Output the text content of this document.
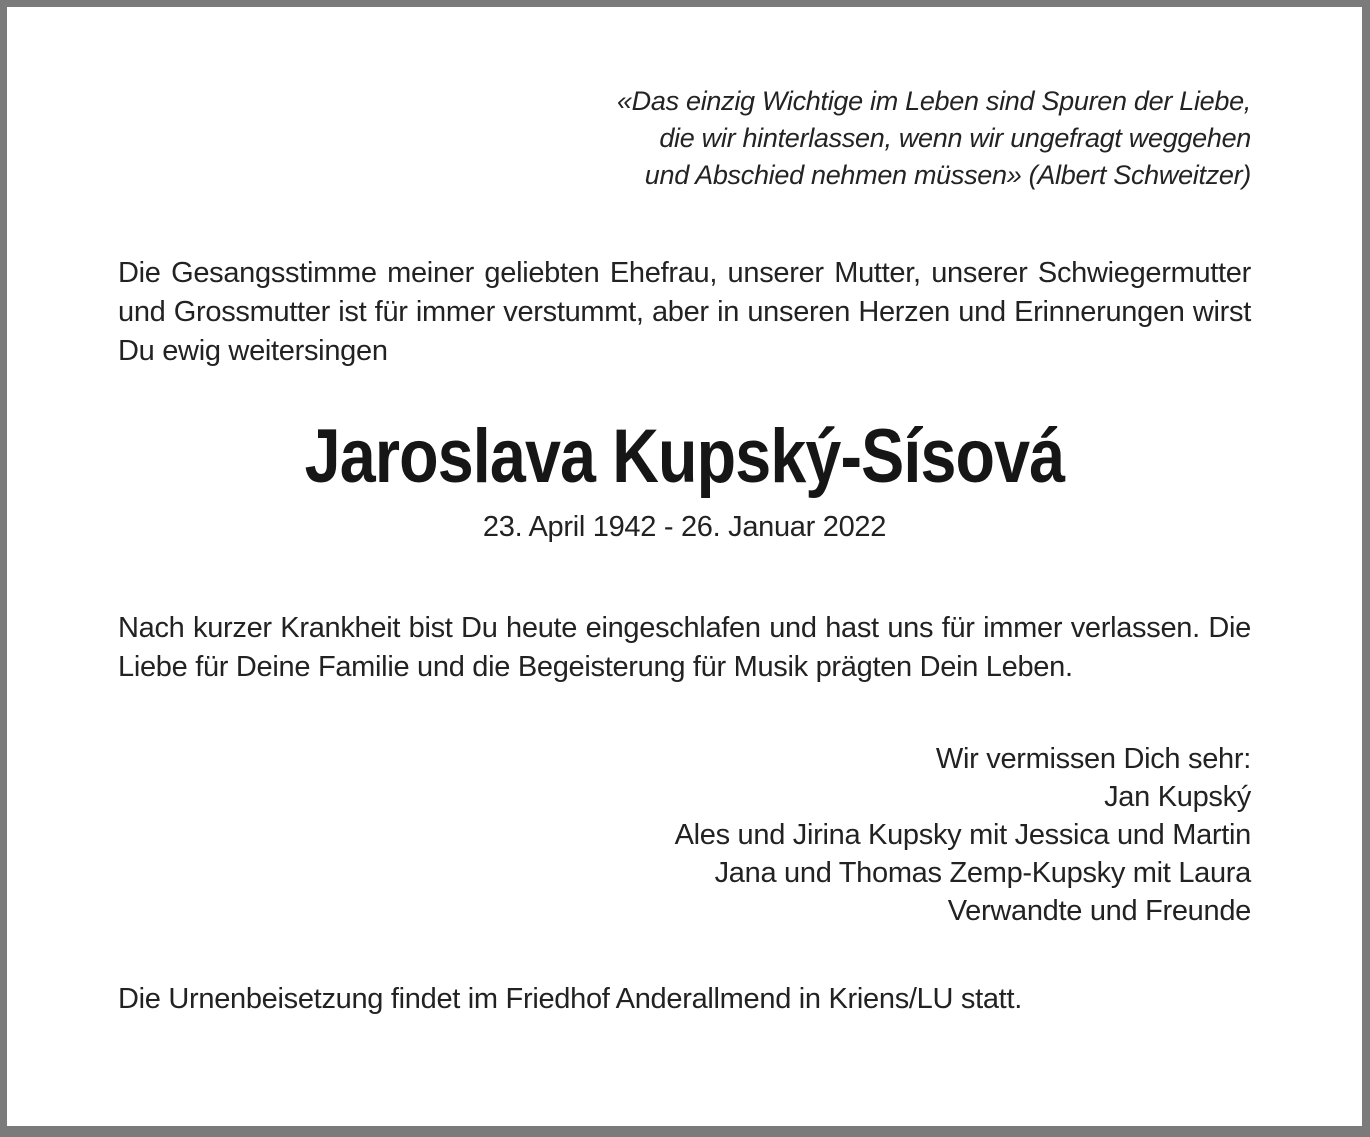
«Das einzig Wichtige im Leben sind Spuren der Liebe,
die wir hinterlassen, wenn wir ungefragt weggehen
und Abschied nehmen müssen» (Albert Schweitzer)

Die Gesangsstimme meiner geliebten Ehefrau, unserer Mutter, unserer Schwiegermutter und Grossmutter ist für immer verstummt, aber in unseren Herzen und Erinnerungen wirst Du ewig weitersingen

Jaroslava Kupský-Sísová
23. April 1942 - 26. Januar 2022

Nach kurzer Krankheit bist Du heute eingeschlafen und hast uns für immer verlassen. Die Liebe für Deine Familie und die Begeisterung für Musik prägten Dein Leben.

Wir vermissen Dich sehr:
Jan Kupský
Ales und Jirina Kupsky mit Jessica und Martin
Jana und Thomas Zemp-Kupsky mit Laura
Verwandte und Freunde

Die Urnenbeisetzung findet im Friedhof Anderallmend in Kriens/LU statt.
